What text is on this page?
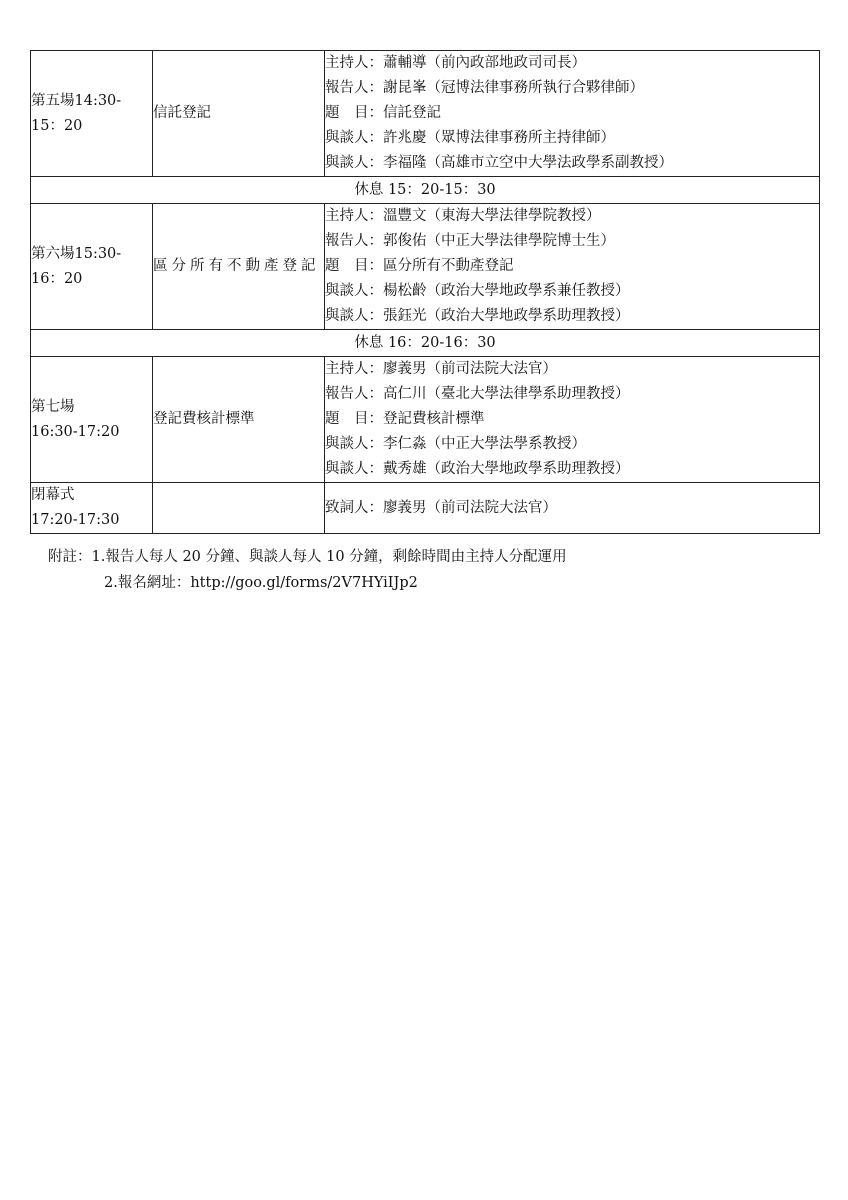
第五場14:30-
15：20	信託登記	主持人：蕭輔導（前內政部地政司司長）
報告人：謝昆峯（冠博法律事務所執行合夥律師）
題　目：信託登記
與談人：許兆慶（眾博法律事務所主持律師）
與談人：李福隆（高雄市立空中大學法政學系副教授）

休息 15：20-15：30		

第六場15:30-
16：20	區分所有不動產登記	主持人：溫豐文（東海大學法律學院教授）
報告人：郭俊佑（中正大學法律學院博士生）
題　目：區分所有不動產登記
與談人：楊松齡（政治大學地政學系兼任教授）
與談人：張鈺光（政治大學地政學系助理教授）

休息 16：20-16：30		

第七場
16:30-17:20	登記費核計標準	主持人：廖義男（前司法院大法官）
報告人：高仁川（臺北大學法律學系助理教授）
題　目：登記費核計標準
與談人：李仁淼（中正大學法學系教授）
與談人：戴秀雄（政治大學地政學系助理教授）

閉幕式
17:20-17:30		致詞人：廖義男（前司法院大法官）
附註：1.報告人每人 20 分鐘、與談人每人 10 分鐘，剩餘時間由主持人分配運用
2.報名網址：http://goo.gl/forms/2V7HYiIJp2
